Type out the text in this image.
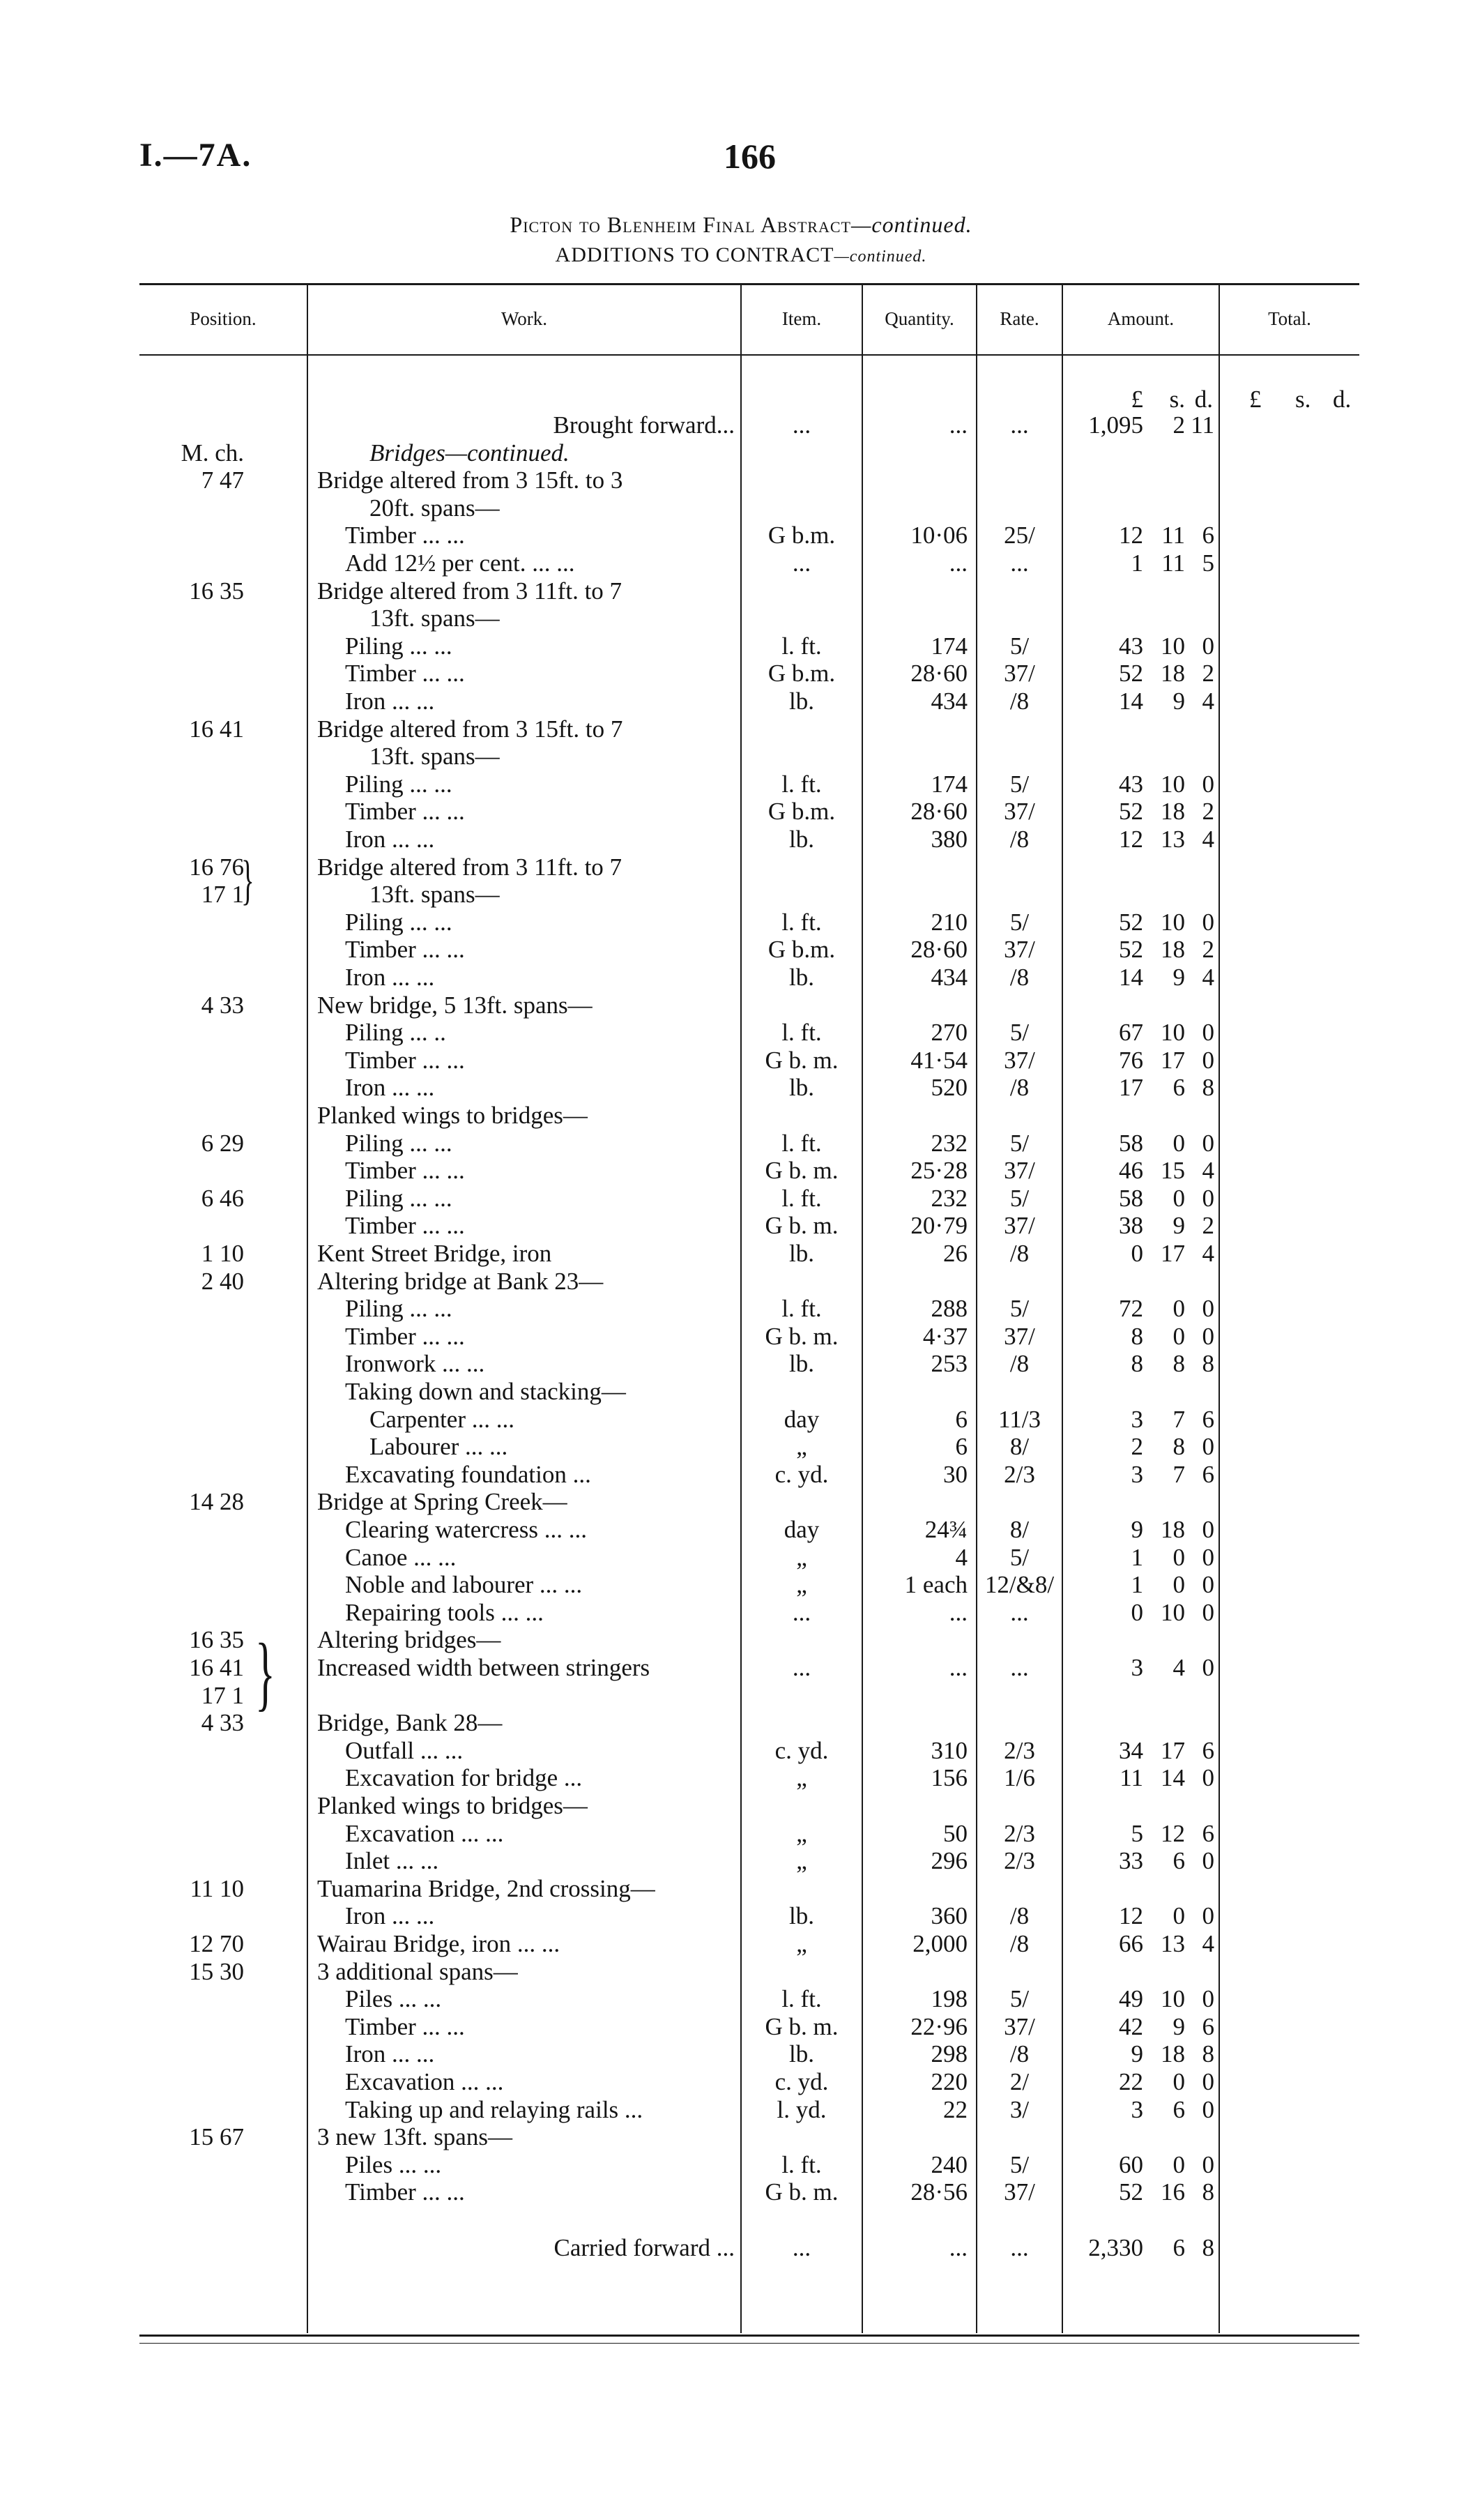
I.—7A.	166
Picton to Blenheim Final Abstract—continued.
ADDITIONS TO CONTRACT—continued.
Position.	Work.	Item.	Quantity.	Rate.	Amount.	Total.
£	s. d. £ s. d.
Brought forward...	...	...	...	1,095	2 11
M. ch.	Bridges—continued.
7 47	Bridge altered from 3 15ft. to 3
20ft. spans—
Timber ... ...	G b.m.	10·06	25/	12 11 6
Add 12½ per cent. ... ...	...	...	...	1 11 5
16 35	Bridge altered from 3 11ft. to 7
13ft. spans—
Piling ... ...	l. ft.	174	5/	43 10 0
Timber ... ...	G b.m.	28·60	37/	52 18 2
Iron ... ...	lb.	434	/8	14	9 4
16 41	Bridge altered from 3 15ft. to 7
13ft. spans—
Piling ... ...	l. ft.	174	5/	43 10 0
Timber ... ...	G b.m.	28·60	37/	52 18 2
Iron ... ...	lb.	380	/8	12 13 4
16 76	Bridge altered from 3 11ft. to 7
17 1	13ft. spans—
Piling ... ...	l. ft.	210	5/	52 10 0
Timber ... ...	G b.m.	28·60	37/	52 18 2
Iron ... ...	lb.	434	/8	14	9 4
4 33	New bridge, 5 13ft. spans—
Piling ... ..	l. ft.	270	5/	67 10 0
Timber ... ...	G b. m.	41·54	37/	76 17 0
Iron ... ...	lb.	520	/8	17	6 8
Planked wings to bridges—
6 29	Piling ... ...	l. ft.	232	5/	58	0 0
Timber ... ...	G b. m.	25·28	37/	46 15 4
6 46	Piling ... ...	l. ft.	232	5/	58	0 0
Timber ... ...	G b. m.	20·79	37/	38	9 2
1 10	Kent Street Bridge, iron	lb.	26	/8	0 17 4
2 40	Altering bridge at Bank 23—
Piling ... ...	l. ft.	288	5/	72	0 0
Timber ... ...	G b. m.	4·37	37/	8	0 0
Ironwork ... ...	lb.	253	/8	8	8 8
Taking down and stacking—
Carpenter ... ...	day	6	11/3	3	7 6
Labourer ... ...	„	6	8/	2	8 0
Excavating foundation ...	c. yd.	30	2/3	3	7 6
14 28	Bridge at Spring Creek—
Clearing watercress ... ...	day	24¾	8/	9 18 0
Canoe ... ...	„	4	5/	1	0 0
Noble and labourer ... ...	„	1 each 12/&8/	1	0 0
Repairing tools ... ...	...	...	...	0 10 0
16 35	Altering bridges—
16 41	Increased width between stringers	...	...	...	3	4 0
17 1
4 33	Bridge, Bank 28—
Outfall ... ...	c. yd.	310	2/3	34 17 6
Excavation for bridge ...	„	156	1/6	11 14 0
Planked wings to bridges—
Excavation ... ...	„	50	2/3	5 12 6
Inlet ... ...	„	296	2/3	33	6 0
11 10	Tuamarina Bridge, 2nd crossing—
Iron ... ...	lb.	360	/8	12	0 0
12 70	Wairau Bridge, iron ... ...	„	2,000	/8	66 13 4
15 30	3 additional spans—
Piles ... ...	l. ft.	198	5/	49 10 0
Timber ... ...	G b. m.	22·96	37/	42	9 6
Iron ... ...	lb.	298	/8	9 18 8
Excavation ... ...	c. yd.	220	2/	22	0 0
Taking up and relaying rails ...	l. yd.	22	3/	3	6 0
15 67	3 new 13ft. spans—
Piles ... ...	l. ft.	240	5/	60	0 0
Timber ... ...	G b. m.	28·56	37/	52 16 8
Carried forward ...	...	...	...	2,330	6 8
}
}
